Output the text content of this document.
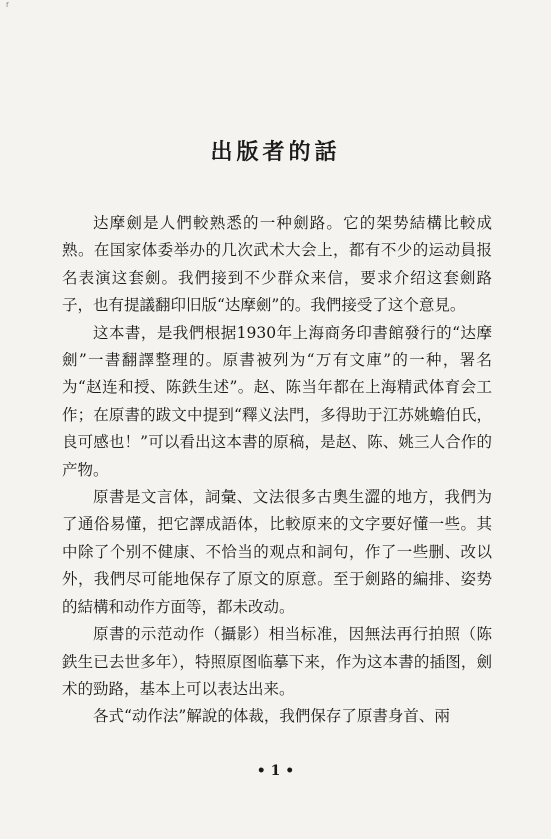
ᶠ
出版者的話

达摩劍是人們較熟悉的一种劍路。它的架势結構比較成熟。在国家体委举办的几次武术大会上，都有不少的运动員报名表演这套劍。我們接到不少群众来信，要求介绍这套劍路子，也有提議翻印旧版“达摩劍”的。我們接受了这个意見。

这本書，是我們根据1930年上海商务印書館發行的“达摩劍”一書翻譯整理的。原書被列为“万有文庫”的一种，署名为“赵连和授、陈鉄生述”。赵、陈当年都在上海精武体育会工作；在原書的跋文中提到“釋义法門，多得助于江苏姚蟾伯氏，良可感也！”可以看出这本書的原稿，是赵、陈、姚三人合作的产物。

原書是文言体，詞彙、文法很多古奧生澀的地方，我們为了通俗易懂，把它譯成語体，比較原来的文字要好懂一些。其中除了个别不健康、不恰当的观点和詞句，作了一些删、改以外，我們尽可能地保存了原文的原意。至于劍路的編排、姿势的結構和动作方面等，都未改动。

原書的示范动作（攝影）相当标准，因無法再行拍照（陈鉄生已去世多年），特照原图临摹下来，作为这本書的插图，劍术的勁路，基本上可以表达出来。

各式“动作法”解說的体裁，我們保存了原書身首、兩

• 1 •
